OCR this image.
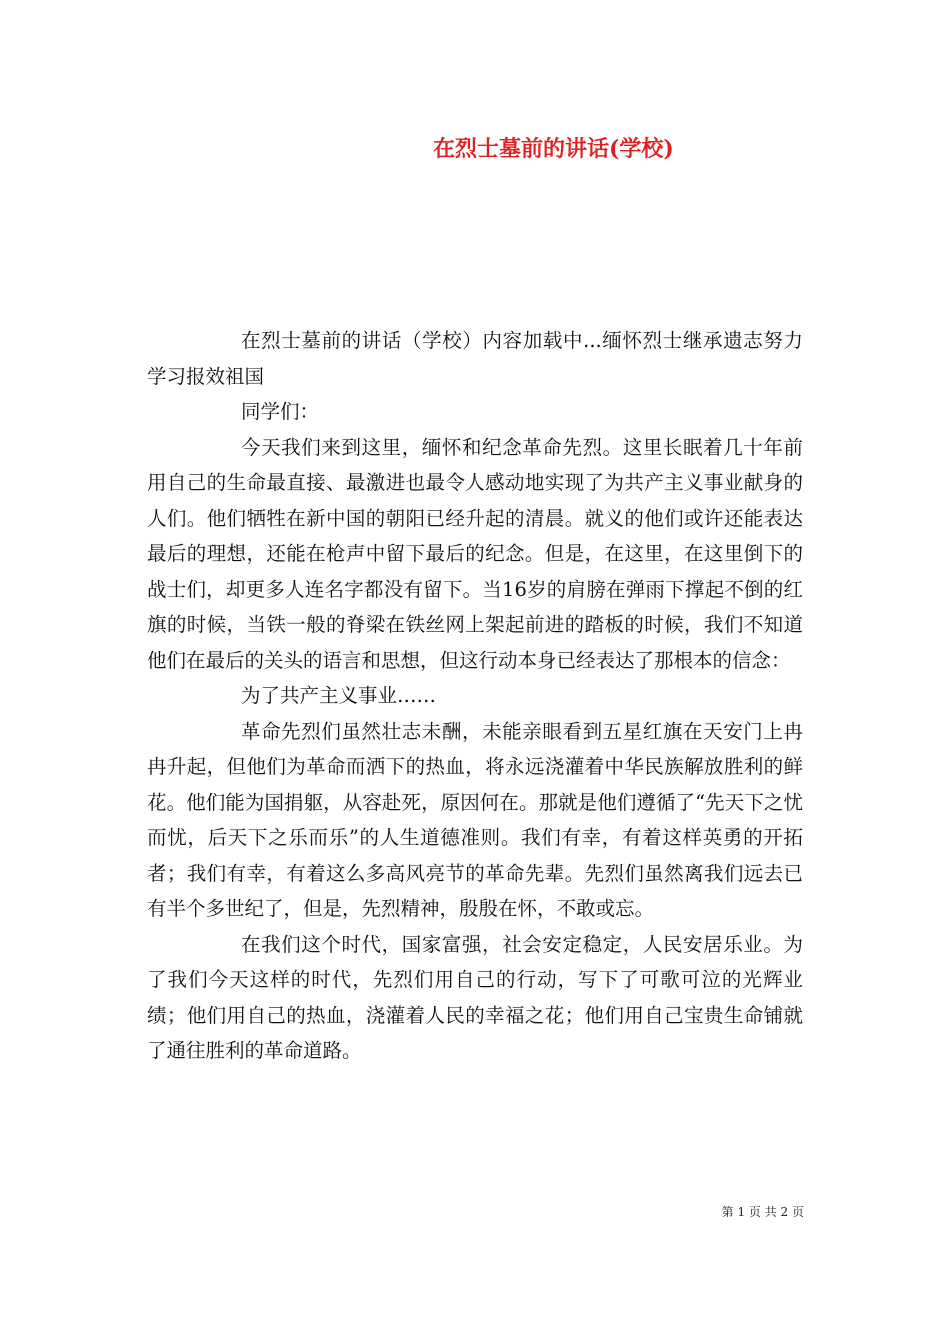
在烈士墓前的讲话(学校)

在烈士墓前的讲话（学校）内容加载中...缅怀烈士继承遗志努力学习报效祖国

同学们：

今天我们来到这里，缅怀和纪念革命先烈。这里长眠着几十年前用自己的生命最直接、最激进也最令人感动地实现了为共产主义事业献身的人们。他们牺牲在新中国的朝阳已经升起的清晨。就义的他们或许还能表达最后的理想，还能在枪声中留下最后的纪念。但是，在这里，在这里倒下的战士们，却更多人连名字都没有留下。当16岁的肩膀在弹雨下撑起不倒的红旗的时候，当铁一般的脊梁在铁丝网上架起前进的踏板的时候，我们不知道他们在最后的关头的语言和思想，但这行动本身已经表达了那根本的信念：

为了共产主义事业……

革命先烈们虽然壮志未酬，未能亲眼看到五星红旗在天安门上冉冉升起，但他们为革命而洒下的热血，将永远浇灌着中华民族解放胜利的鲜花。他们能为国捐躯，从容赴死，原因何在。那就是他们遵循了“先天下之忧而忧，后天下之乐而乐”的人生道德准则。我们有幸，有着这样英勇的开拓者；我们有幸，有着这么多高风亮节的革命先辈。先烈们虽然离我们远去已有半个多世纪了，但是，先烈精神，殷殷在怀，不敢或忘。

在我们这个时代，国家富强，社会安定稳定，人民安居乐业。为了我们今天这样的时代，先烈们用自己的行动，写下了可歌可泣的光辉业绩；他们用自己的热血，浇灌着人民的幸福之花；他们用自己宝贵生命铺就了通往胜利的革命道路。

第 1 页 共 2 页
